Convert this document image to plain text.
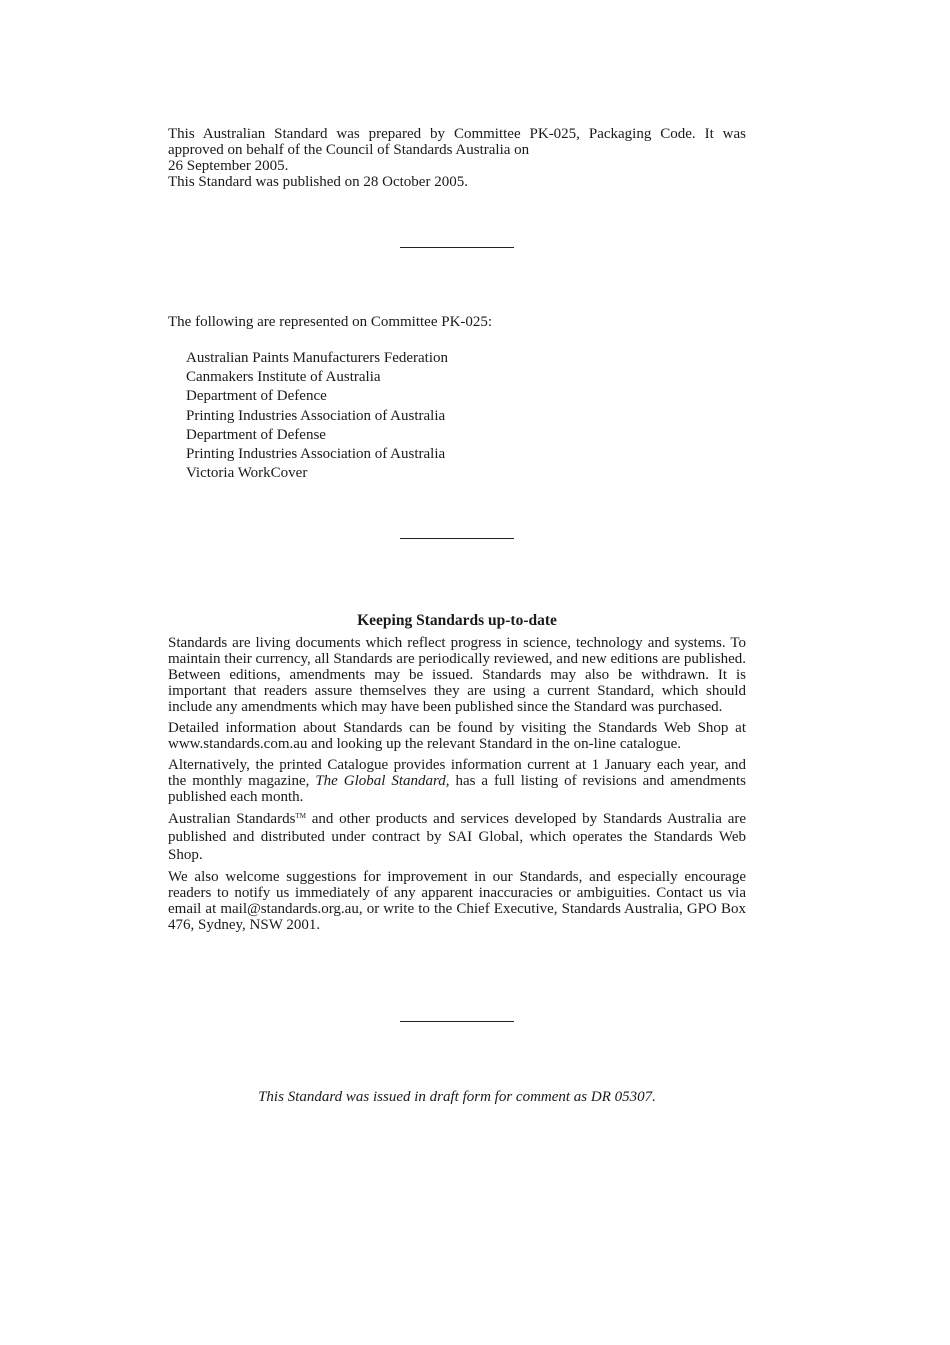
This Australian Standard was prepared by Committee PK-025, Packaging Code. It was approved on behalf of the Council of Standards Australia on
26 September 2005.
This Standard was published on 28 October 2005.
The following are represented on Committee PK-025:
Australian Paints Manufacturers Federation
Canmakers Institute of Australia
Department of Defence
Printing Industries Association of Australia
Department of Defense
Printing Industries Association of Australia
Victoria WorkCover
Keeping Standards up-to-date

Standards are living documents which reflect progress in science, technology and systems. To maintain their currency, all Standards are periodically reviewed, and new editions are published. Between editions, amendments may be issued. Standards may also be withdrawn. It is important that readers assure themselves they are using a current Standard, which should include any amendments which may have been published since the Standard was purchased.

Detailed information about Standards can be found by visiting the Standards Web Shop at www.standards.com.au and looking up the relevant Standard in the on-line catalogue.

Alternatively, the printed Catalogue provides information current at 1 January each year, and the monthly magazine, The Global Standard, has a full listing of revisions and amendments published each month.

Australian Standards™ and other products and services developed by Standards Australia are published and distributed under contract by SAI Global, which operates the Standards Web Shop.

We also welcome suggestions for improvement in our Standards, and especially encourage readers to notify us immediately of any apparent inaccuracies or ambiguities. Contact us via email at mail@standards.org.au, or write to the Chief Executive, Standards Australia, GPO Box 476, Sydney, NSW 2001.

This Standard was issued in draft form for comment as DR 05307.
